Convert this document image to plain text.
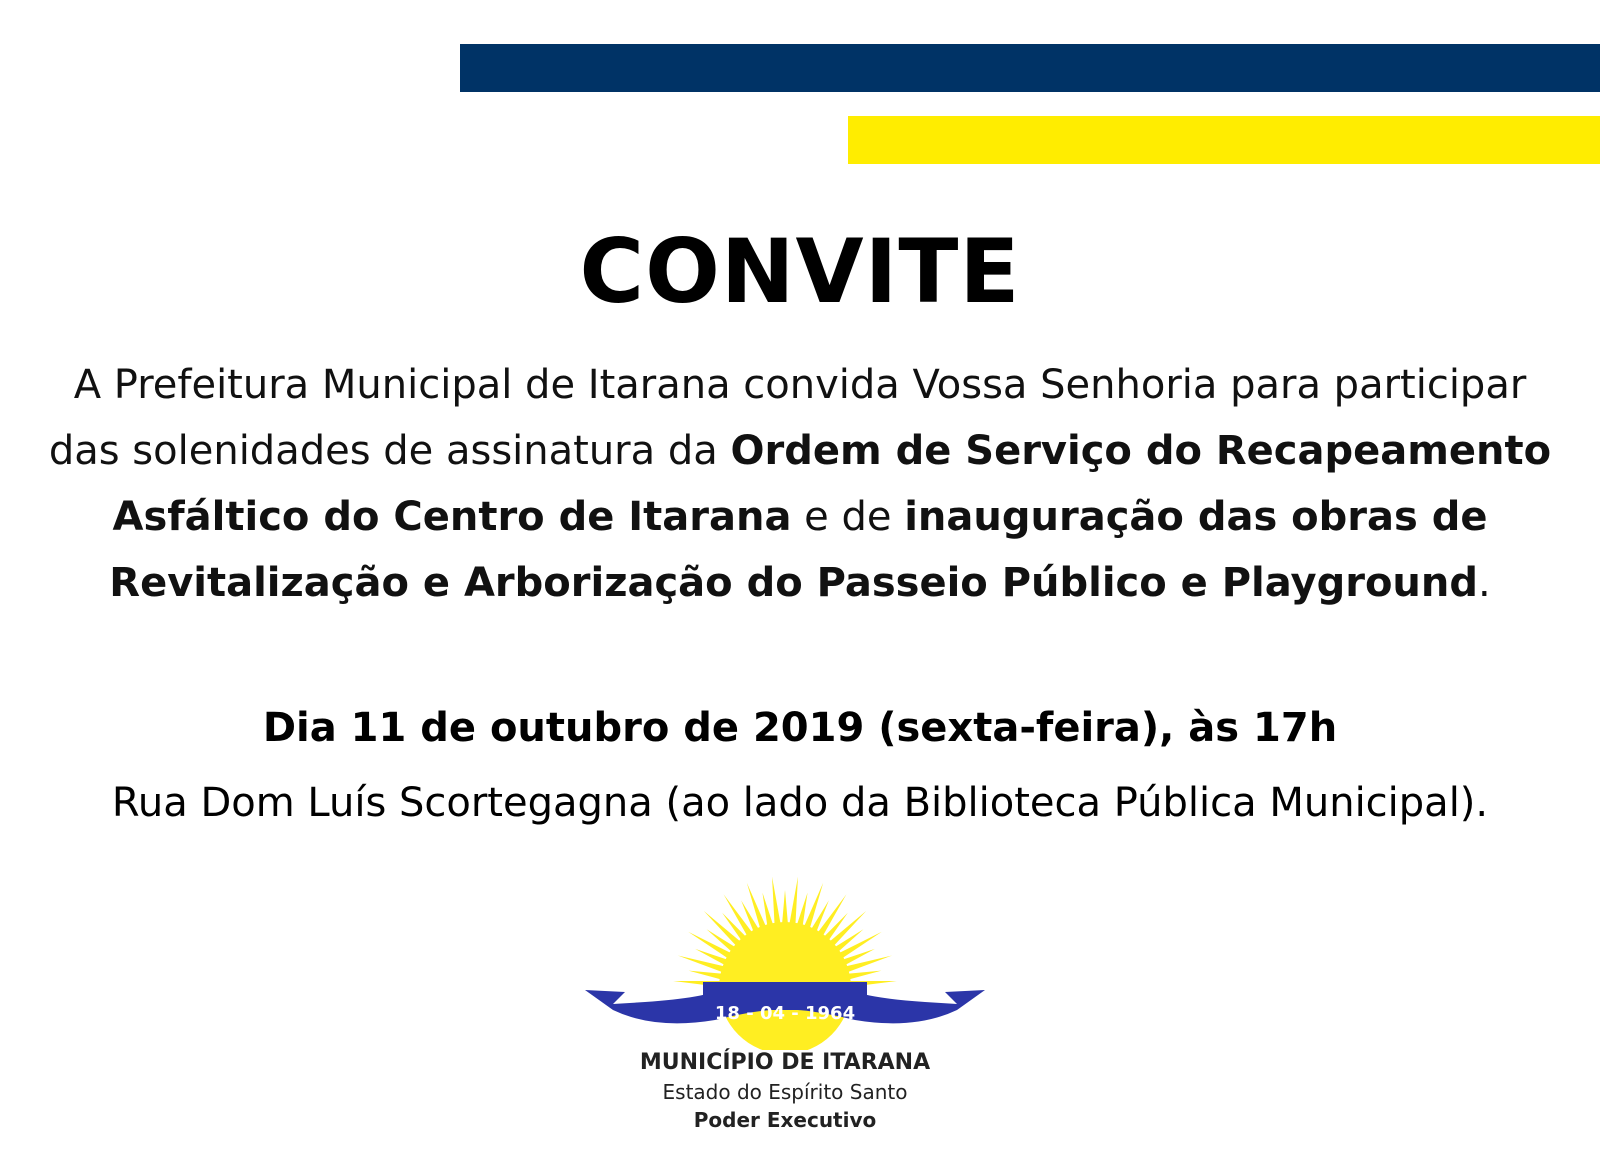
CONVITE
A Prefeitura Municipal de Itarana convida Vossa Senhoria para participar das solenidades de assinatura da Ordem de Serviço do Recapeamento Asfáltico do Centro de Itarana e de inauguração das obras de Revitalização e Arborização do Passeio Público e Playground.
Dia 11 de outubro de 2019 (sexta-feira), às 17h
Rua Dom Luís Scortegagna (ao lado da Biblioteca Pública Municipal).
18 - 04 - 1964
MUNICÍPIO DE ITARANA
Estado do Espírito Santo
Poder Executivo
